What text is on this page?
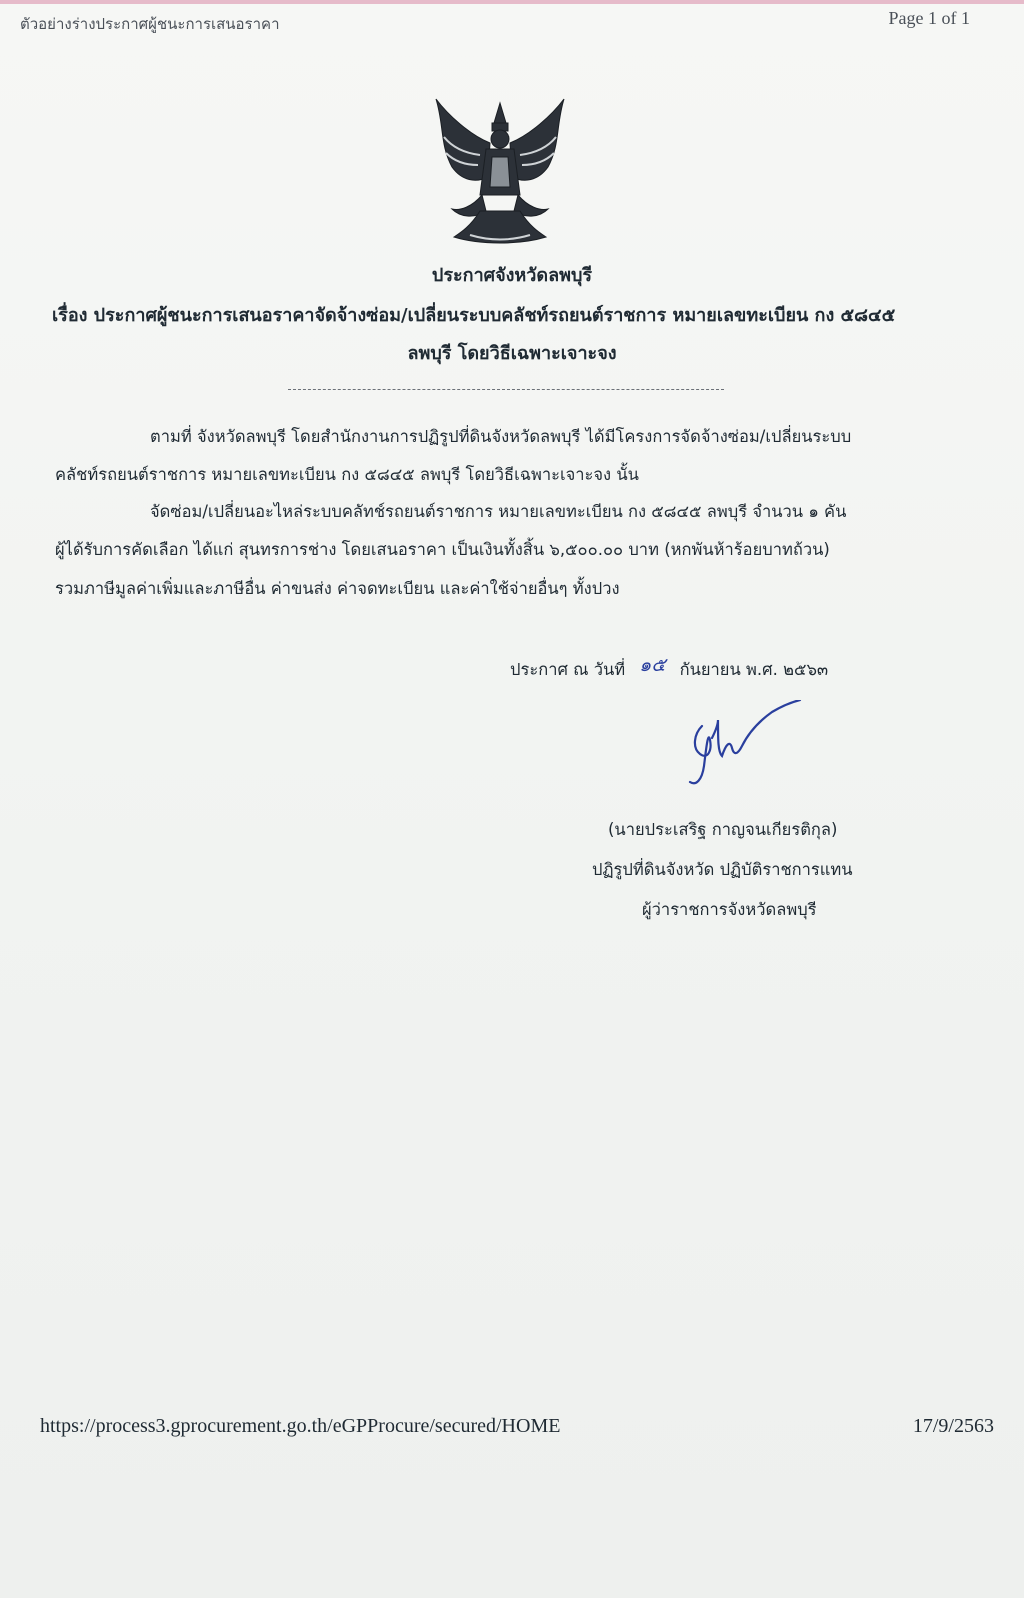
ตัวอย่างร่างประกาศผู้ชนะการเสนอราคา	Page 1 of 1
ประกาศจังหวัดลพบุรี
เรื่อง ประกาศผู้ชนะการเสนอราคาจัดจ้างซ่อม/เปลี่ยนระบบคลัชท์รถยนต์ราชการ หมายเลขทะเบียน กง ๕๘๔๕
ลพบุรี โดยวิธีเฉพาะเจาะจง
ตามที่ จังหวัดลพบุรี โดยสำนักงานการปฏิรูปที่ดินจังหวัดลพบุรี ได้มีโครงการจัดจ้างซ่อม/เปลี่ยนระบบ
คลัชท์รถยนต์ราชการ หมายเลขทะเบียน กง ๕๘๔๕ ลพบุรี โดยวิธีเฉพาะเจาะจง นั้น
จัดซ่อม/เปลี่ยนอะไหล่ระบบคลัทช์รถยนต์ราชการ หมายเลขทะเบียน กง ๕๘๔๕ ลพบุรี จำนวน ๑ คัน
ผู้ได้รับการคัดเลือก ได้แก่ สุนทรการช่าง โดยเสนอราคา เป็นเงินทั้งสิ้น ๖,๕๐๐.๐๐ บาท (หกพันห้าร้อยบาทถ้วน)
รวมภาษีมูลค่าเพิ่มและภาษีอื่น ค่าขนส่ง ค่าจดทะเบียน และค่าใช้จ่ายอื่นๆ ทั้งปวง
ประกาศ ณ วันที่ ๑๕ กันยายน พ.ศ. ๒๕๖๓
(นายประเสริฐ กาญจนเกียรติกุล)
ปฏิรูปที่ดินจังหวัด ปฏิบัติราชการแทน
ผู้ว่าราชการจังหวัดลพบุรี
https://process3.gprocurement.go.th/eGPProcure/secured/HOME	17/9/2563
